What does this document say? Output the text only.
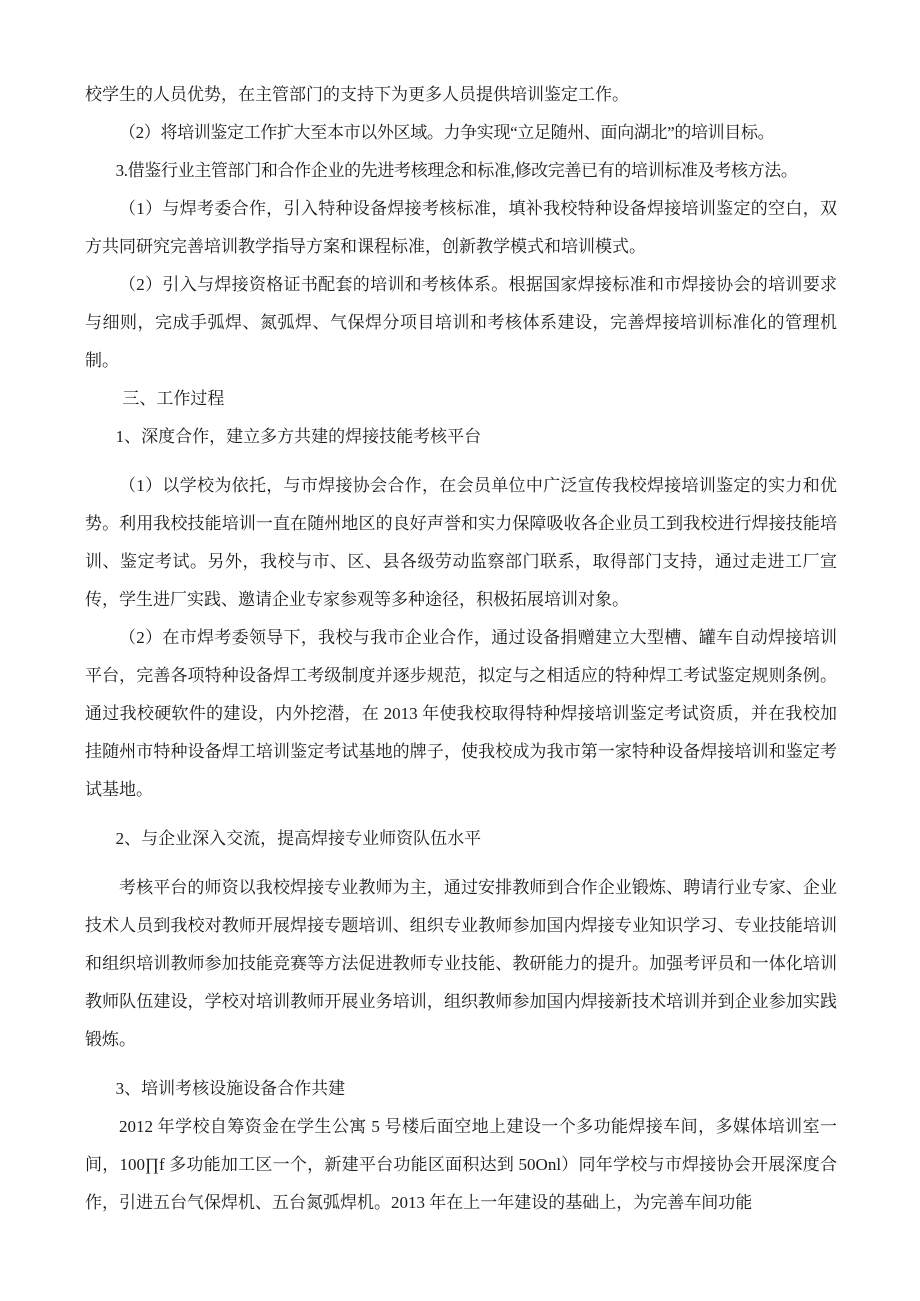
校学生的人员优势，在主管部门的支持下为更多人员提供培训鉴定工作。

（2）将培训鉴定工作扩大至本市以外区域。力争实现“立足随州、面向湖北”的培训目标。

3.借鉴行业主管部门和合作企业的先进考核理念和标准,修改完善已有的培训标准及考核方法。

（1）与焊考委合作，引入特种设备焊接考核标准，填补我校特种设备焊接培训鉴定的空白，双方共同研究完善培训教学指导方案和课程标准，创新教学模式和培训模式。

（2）引入与焊接资格证书配套的培训和考核体系。根据国家焊接标准和市焊接协会的培训要求与细则，完成手弧焊、氮弧焊、气保焊分项目培训和考核体系建设，完善焊接培训标准化的管理机制。

三、工作过程

1、深度合作，建立多方共建的焊接技能考核平台

（1）以学校为依托，与市焊接协会合作，在会员单位中广泛宣传我校焊接培训鉴定的实力和优势。利用我校技能培训一直在随州地区的良好声誉和实力保障吸收各企业员工到我校进行焊接技能培训、鉴定考试。另外，我校与市、区、县各级劳动监察部门联系，取得部门支持，通过走进工厂宣传，学生进厂实践、邀请企业专家参观等多种途径，积极拓展培训对象。

（2）在市焊考委领导下，我校与我市企业合作，通过设备捐赠建立大型槽、罐车自动焊接培训平台，完善各项特种设备焊工考级制度并逐步规范，拟定与之相适应的特种焊工考试鉴定规则条例。通过我校硬软件的建设，内外挖潜，在 2013 年使我校取得特种焊接培训鉴定考试资质，并在我校加挂随州市特种设备焊工培训鉴定考试基地的牌子，使我校成为我市第一家特种设备焊接培训和鉴定考试基地。

2、与企业深入交流，提高焊接专业师资队伍水平

考核平台的师资以我校焊接专业教师为主，通过安排教师到合作企业锻炼、聘请行业专家、企业技术人员到我校对教师开展焊接专题培训、组织专业教师参加国内焊接专业知识学习、专业技能培训和组织培训教师参加技能竞赛等方法促进教师专业技能、教研能力的提升。加强考评员和一体化培训教师队伍建设，学校对培训教师开展业务培训，组织教师参加国内焊接新技术培训并到企业参加实践锻炼。

3、培训考核设施设备合作共建

2012 年学校自筹资金在学生公寓 5 号楼后面空地上建设一个多功能焊接车间，多媒体培训室一间，100∏f 多功能加工区一个，新建平台功能区面积达到 50Onl）同年学校与市焊接协会开展深度合作，引进五台气保焊机、五台氮弧焊机。2013 年在上一年建设的基础上，为完善车间功能
